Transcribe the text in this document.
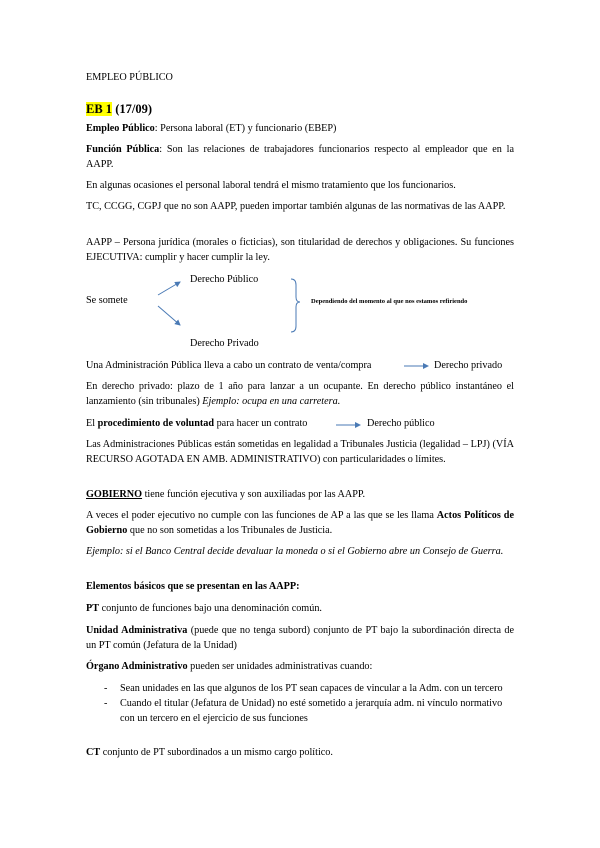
EMPLEO PÚBLICO
EB 1 (17/09)

Empleo Público: Persona laboral (ET) y funcionario (EBEP)

Función Pública: Son las relaciones de trabajadores funcionarios respecto al empleador que en la AAPP.

En algunas ocasiones el personal laboral tendrá el mismo tratamiento que los funcionarios.

TC, CCGG, CGPJ que no son AAPP, pueden importar también algunas de las normativas de las AAPP.

AAPP – Persona jurídica (morales o ficticias), son titularidad de derechos y obligaciones. Su funciones EJECUTIVA: cumplir y hacer cumplir la ley.

Se somete
Derecho Público
Derecho Privado
Dependiendo del momento al que nos estamos refiriendo
Una Administración Pública lleva a cabo un contrato de venta/compra	Derecho privado

En derecho privado: plazo de 1 año para lanzar a un ocupante. En derecho público instantáneo el lanzamiento (sin tribunales) Ejemplo: ocupa en una carretera.

El procedimiento de voluntad para hacer un contrato	Derecho público

Las Administraciones Públicas están sometidas en legalidad a Tribunales Justicia (legalidad – LPJ) (VÍA RECURSO AGOTADA EN AMB. ADMINISTRATIVO) con particularidades o límites.

GOBIERNO tiene función ejecutiva y son auxiliadas por las AAPP.

A veces el poder ejecutivo no cumple con las funciones de AP a las que se les llama Actos Políticos de Gobierno que no son sometidas a los Tribunales de Justicia.

Ejemplo: si el Banco Central decide devaluar la moneda o si el Gobierno abre un Consejo de Guerra.

Elementos básicos que se presentan en las AAPP:

PT conjunto de funciones bajo una denominación común.

Unidad Administrativa (puede que no tenga subord) conjunto de PT bajo la subordinación directa de un PT común (Jefatura de la Unidad)

Órgano Administrativo pueden ser unidades administrativas cuando:

- Sean unidades en las que algunos de los PT sean capaces de vincular a la Adm. con un tercero
- Cuando el titular (Jefatura de Unidad) no esté sometido a jerarquía adm. ni vínculo normativo con un tercero en el ejercicio de sus funciones

CT conjunto de PT subordinados a un mismo cargo político.
